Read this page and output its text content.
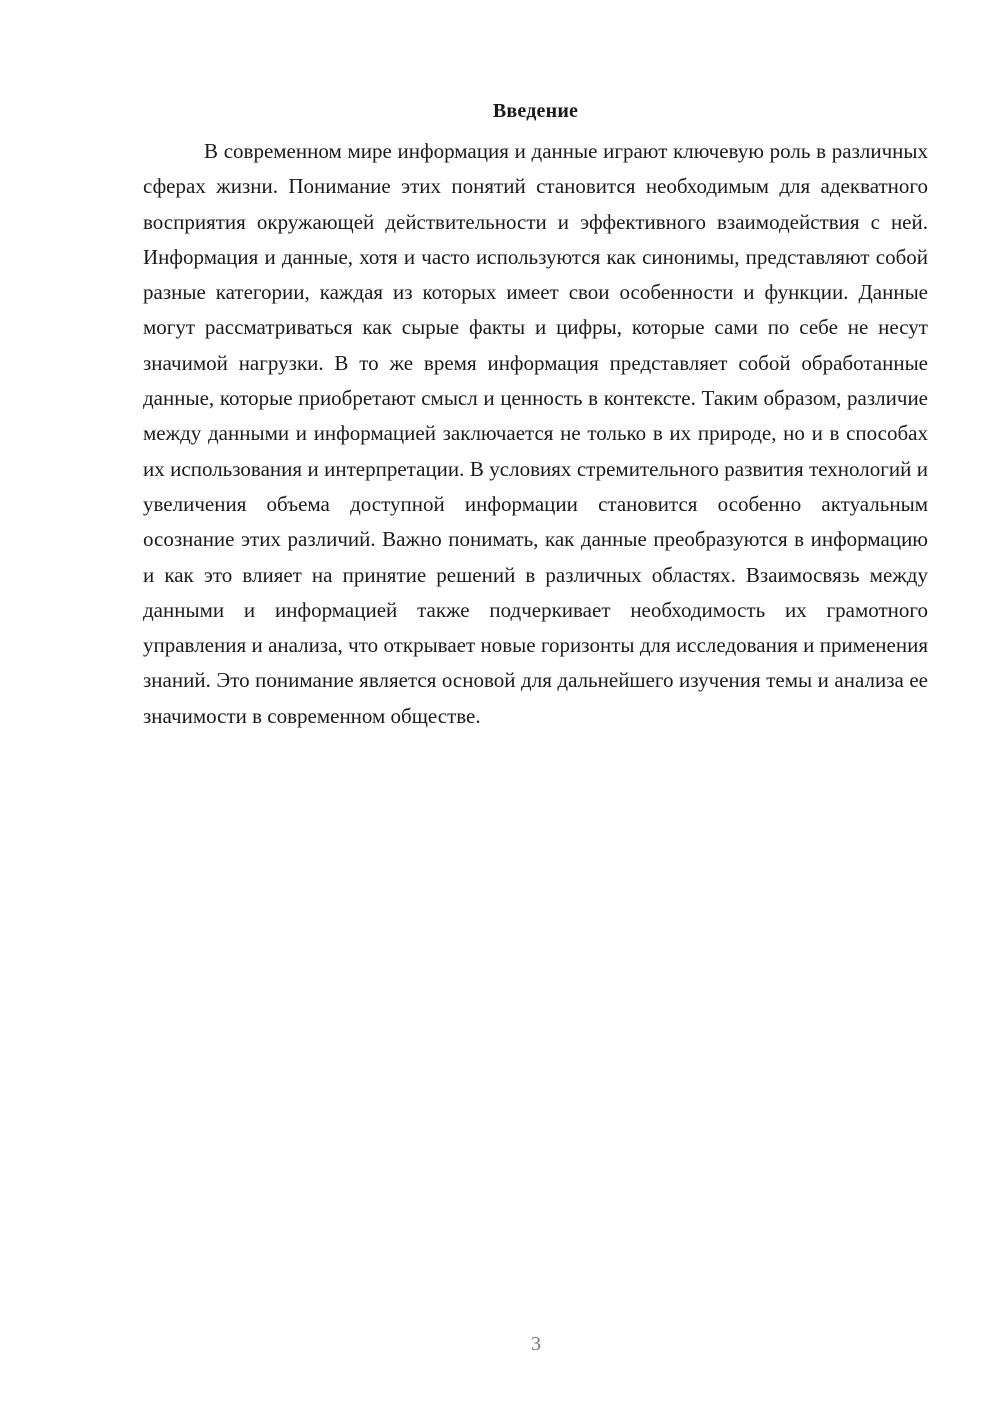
Введение

В современном мире информация и данные играют ключевую роль в различных сферах жизни. Понимание этих понятий становится необходимым для адекватного восприятия окружающей действительности и эффективного взаимодействия с ней. Информация и данные, хотя и часто используются как синонимы, представляют собой разные категории, каждая из которых имеет свои особенности и функции. Данные могут рассматриваться как сырые факты и цифры, которые сами по себе не несут значимой нагрузки. В то же время информация представляет собой обработанные данные, которые приобретают смысл и ценность в контексте. Таким образом, различие между данными и информацией заключается не только в их природе, но и в способах их использования и интерпретации. В условиях стремительного развития технологий и увеличения объема доступной информации становится особенно актуальным осознание этих различий. Важно понимать, как данные преобразуются в информацию и как это влияет на принятие решений в различных областях. Взаимосвязь между данными и информацией также подчеркивает необходимость их грамотного управления и анализа, что открывает новые горизонты для исследования и применения знаний. Это понимание является основой для дальнейшего изучения темы и анализа ее значимости в современном обществе.

3
